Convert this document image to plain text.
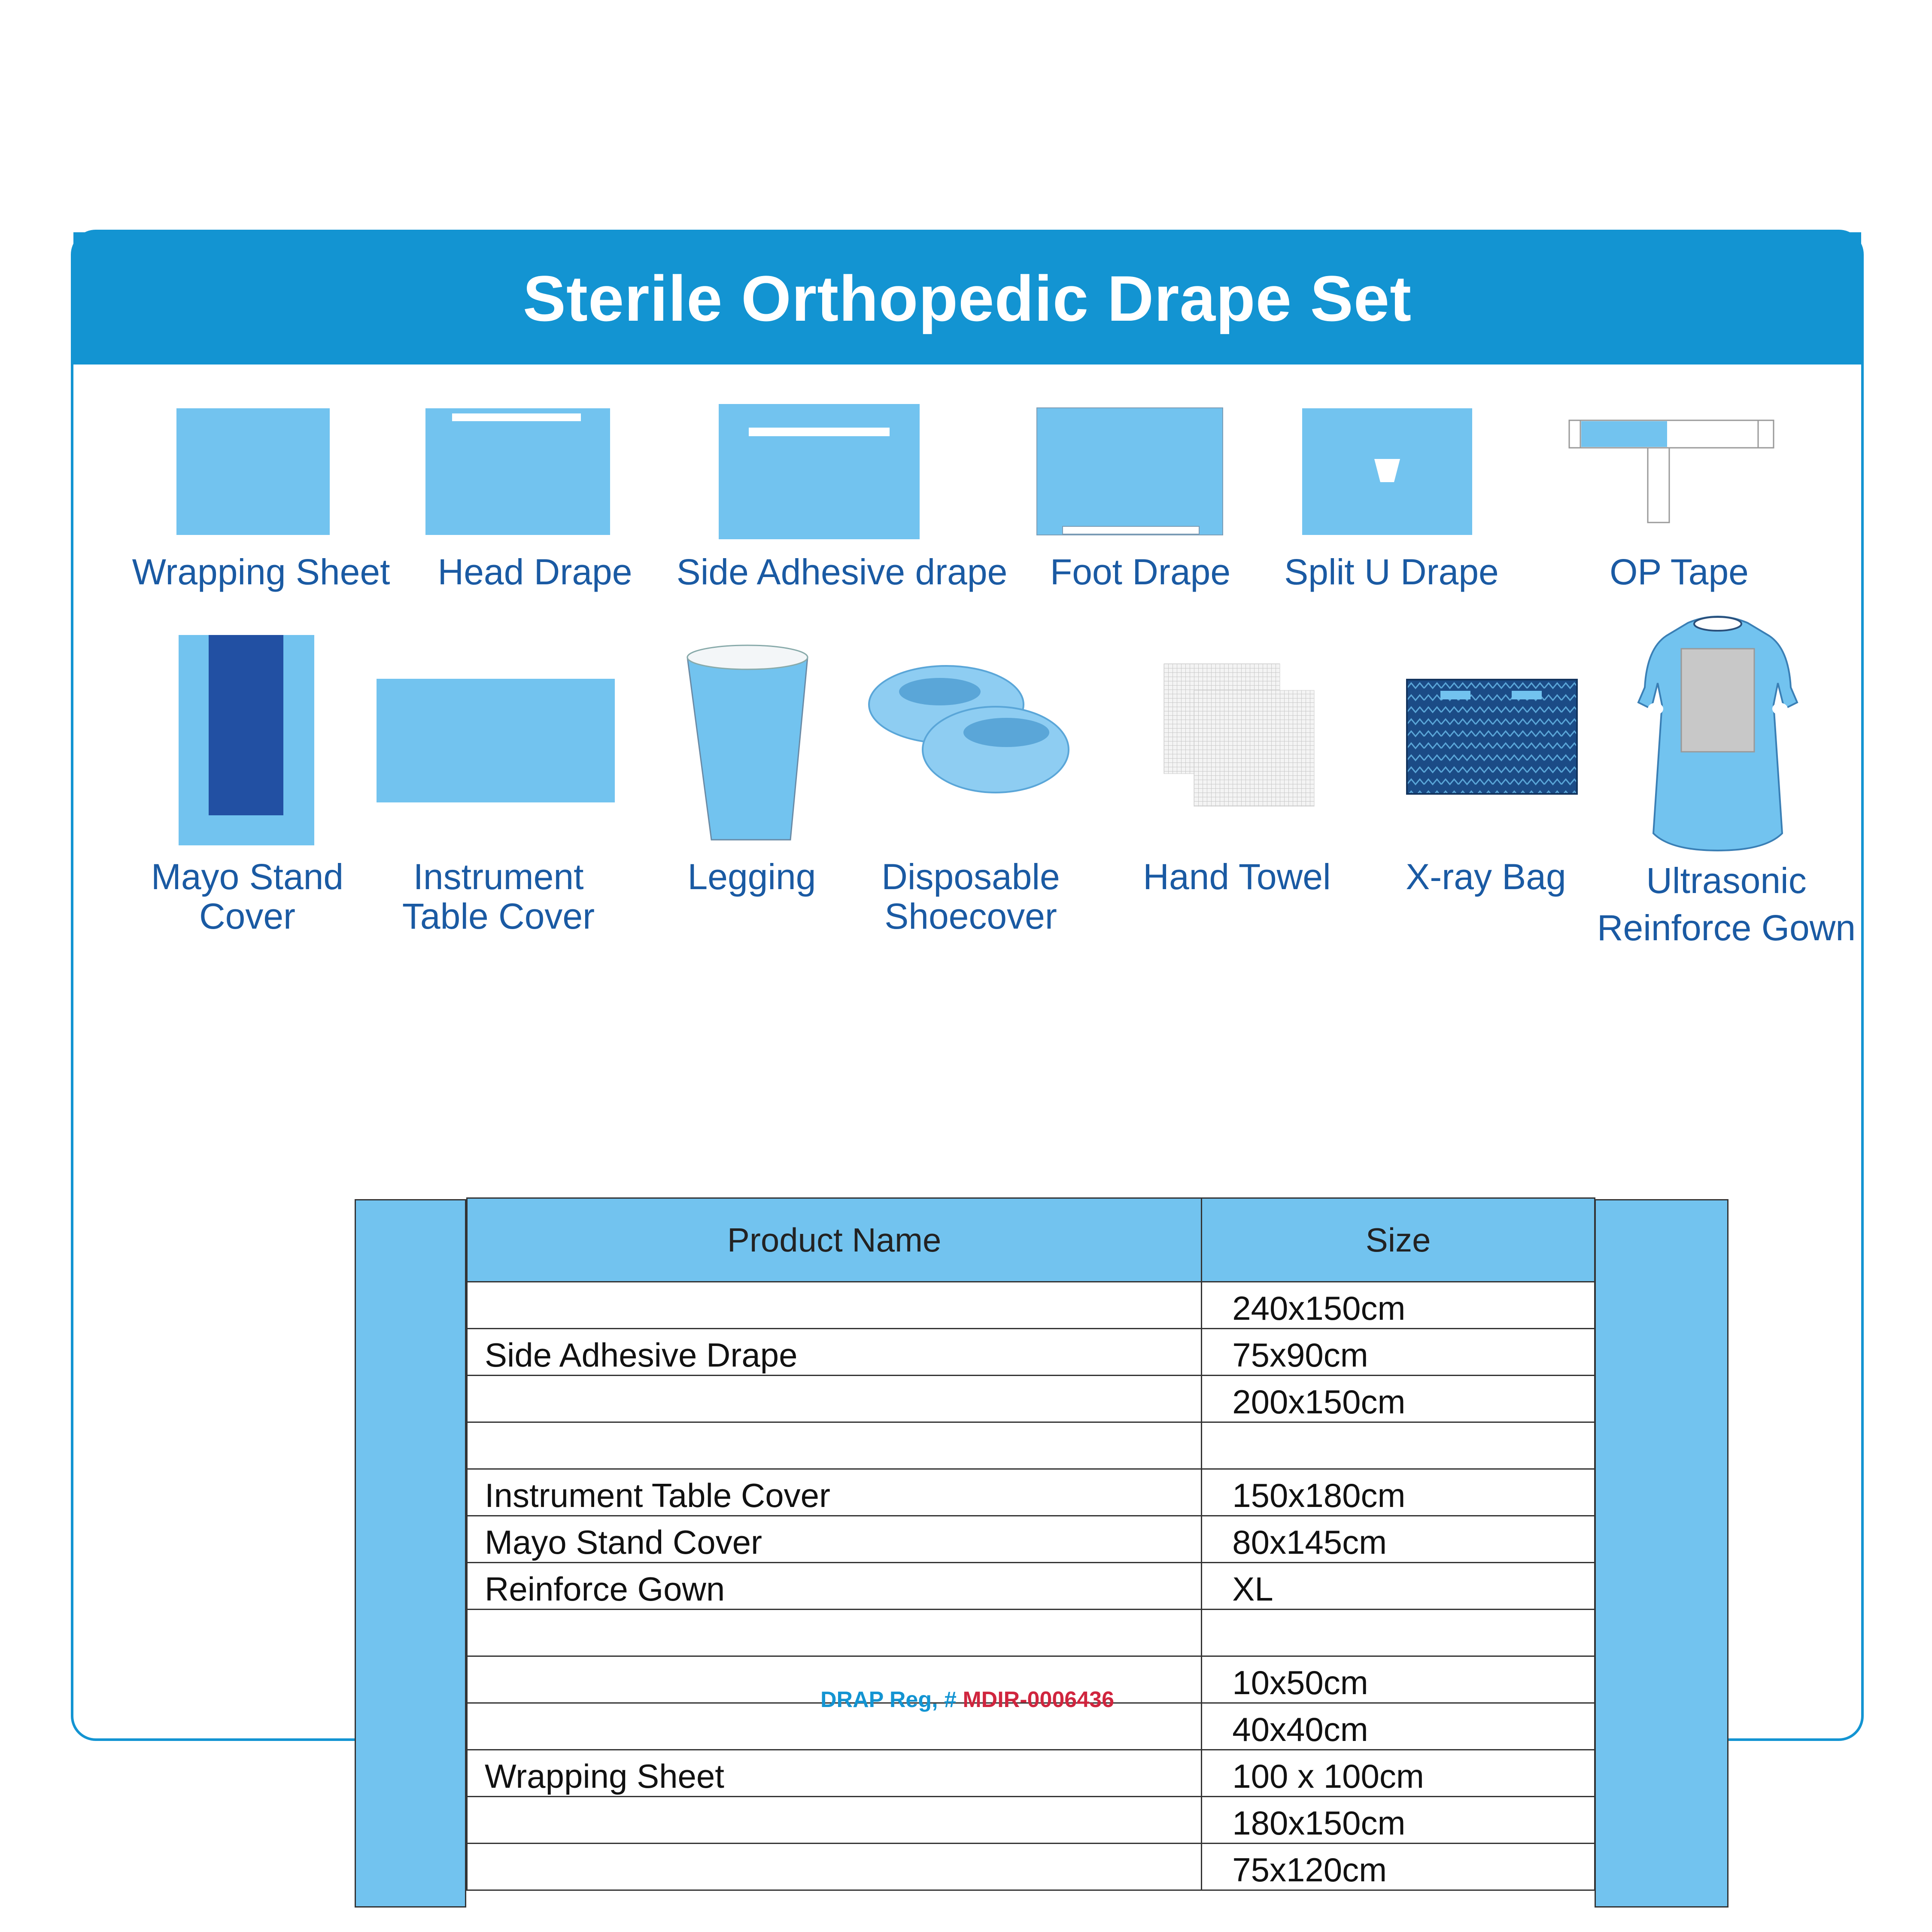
Sterile Orthopedic Drape Set
Wrapping Sheet	Head Drape	Side Adhesive drape	Foot Drape	Split U Drape	OP Tape
Mayo Stand
Cover
Instrument
Table Cover
Legging	Disposable
Shoecover
Hand Towel	X-ray Bag	Ultrasonic
Reinforce Gown
Product Name	Size
	240x150cm
Side Adhesive Drape	75x90cm
	200x150cm

Instrument Table Cover	150x180cm
Mayo Stand Cover	80x145cm
Reinforce Gown	XL

	10x50cm
	40x40cm
Wrapping Sheet	100 x 100cm
	180x150cm
	75x120cm
DRAP Reg, # MDIR-0006436
